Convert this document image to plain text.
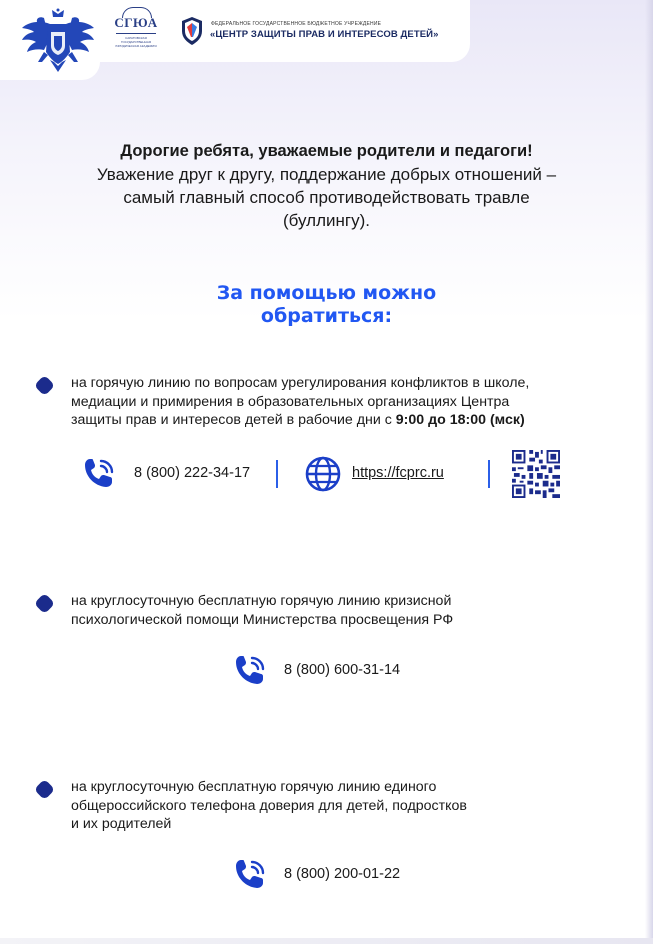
СГЮА
САРАТОВСКАЯ ГОСУДАРСТВЕННАЯ ЮРИДИЧЕСКАЯ АКАДЕМИЯ
ФЕДЕРАЛЬНОЕ ГОСУДАРСТВЕННОЕ БЮДЖЕТНОЕ УЧРЕЖДЕНИЕ
«ЦЕНТР ЗАЩИТЫ ПРАВ И ИНТЕРЕСОВ ДЕТЕЙ»
Дорогие ребята, уважаемые родители и педагоги!
Уважение друг к другу, поддержание добрых отношений –
самый главный способ противодействовать травле
(буллингу).
За помощью можно
обратиться:
на горячую линию по вопросам урегулирования конфликтов в школе,
медиации и примирения в образовательных организациях Центра
защиты прав и интересов детей в рабочие дни с 9:00 до 18:00 (мск)
8 (800) 222-34-17	https://fcprc.ru
на круглосуточную бесплатную горячую линию кризисной
психологической помощи Министерства просвещения РФ
8 (800) 600-31-14
на круглосуточную бесплатную горячую линию единого
общероссийского телефона доверия для детей, подростков
и их родителей
8 (800) 200-01-22
